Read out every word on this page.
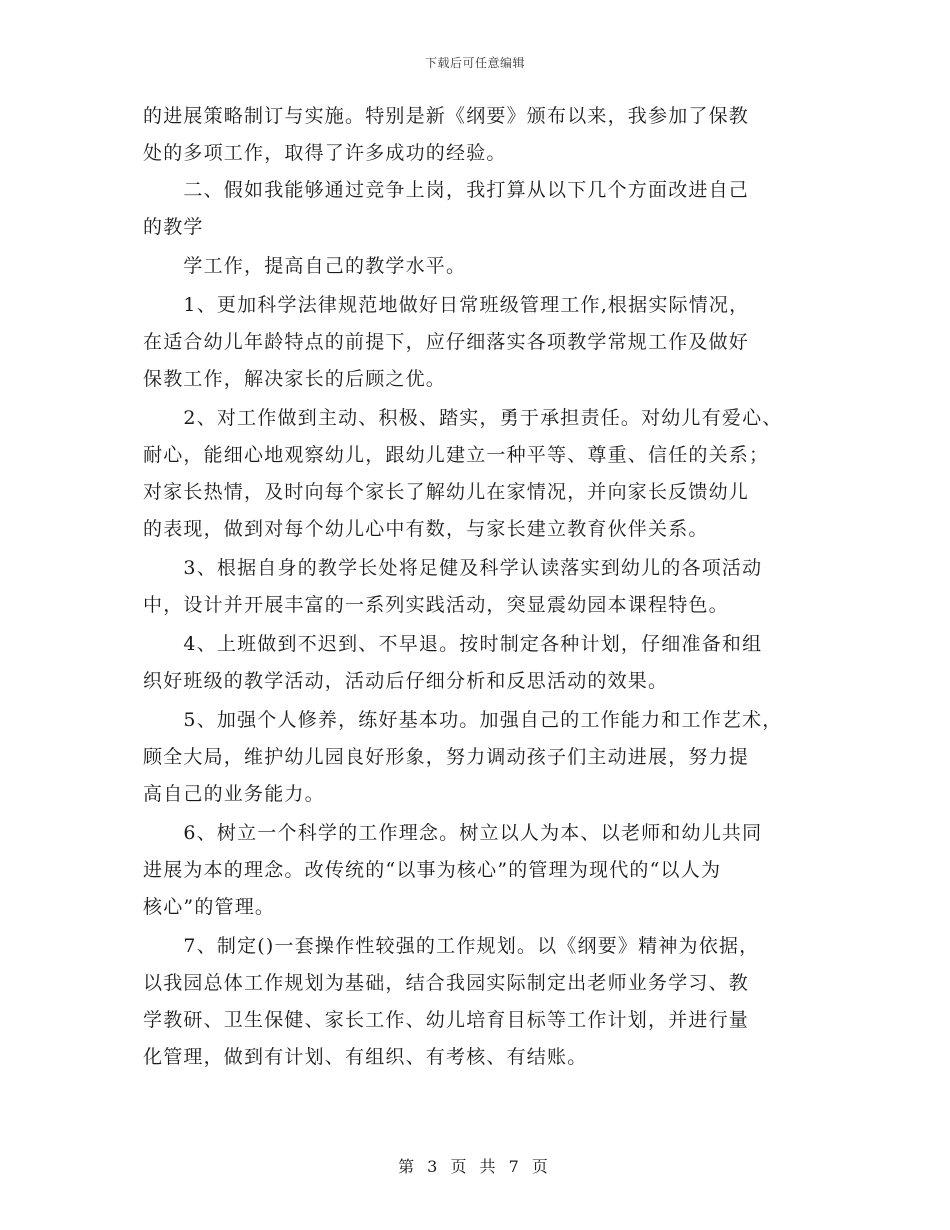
下载后可任意编辑
的进展策略制订与实施。特别是新《纲要》颁布以来，我参加了保教
处的多项工作，取得了许多成功的经验。
　　二、假如我能够通过竞争上岗，我打算从以下几个方面改进自己
的教学
　　学工作，提高自己的教学水平。
　　1、更加科学法律规范地做好日常班级管理工作,根据实际情况，
在适合幼儿年龄特点的前提下，应仔细落实各项教学常规工作及做好
保教工作，解决家长的后顾之优。
　　2、对工作做到主动、积极、踏实，勇于承担责任。对幼儿有爱心、
耐心，能细心地观察幼儿，跟幼儿建立一种平等、尊重、信任的关系；
对家长热情，及时向每个家长了解幼儿在家情况，并向家长反馈幼儿
的表现，做到对每个幼儿心中有数，与家长建立教育伙伴关系。
　　3、根据自身的教学长处将足健及科学认读落实到幼儿的各项活动
中，设计并开展丰富的一系列实践活动，突显震幼园本课程特色。
　　4、上班做到不迟到、不早退。按时制定各种计划，仔细准备和组
织好班级的教学活动，活动后仔细分析和反思活动的效果。
　　5、加强个人修养，练好基本功。加强自己的工作能力和工作艺术，
顾全大局，维护幼儿园良好形象，努力调动孩子们主动进展，努力提
高自己的业务能力。
　　6、树立一个科学的工作理念。树立以人为本、以老师和幼儿共同
进展为本的理念。改传统的“以事为核心”的管理为现代的“以人为
核心”的管理。
　　7、制定()一套操作性较强的工作规划。以《纲要》精神为依据，
以我园总体工作规划为基础，结合我园实际制定出老师业务学习、教
学教研、卫生保健、家长工作、幼儿培育目标等工作计划，并进行量
化管理，做到有计划、有组织、有考核、有结账。
第 3 页 共 7 页
